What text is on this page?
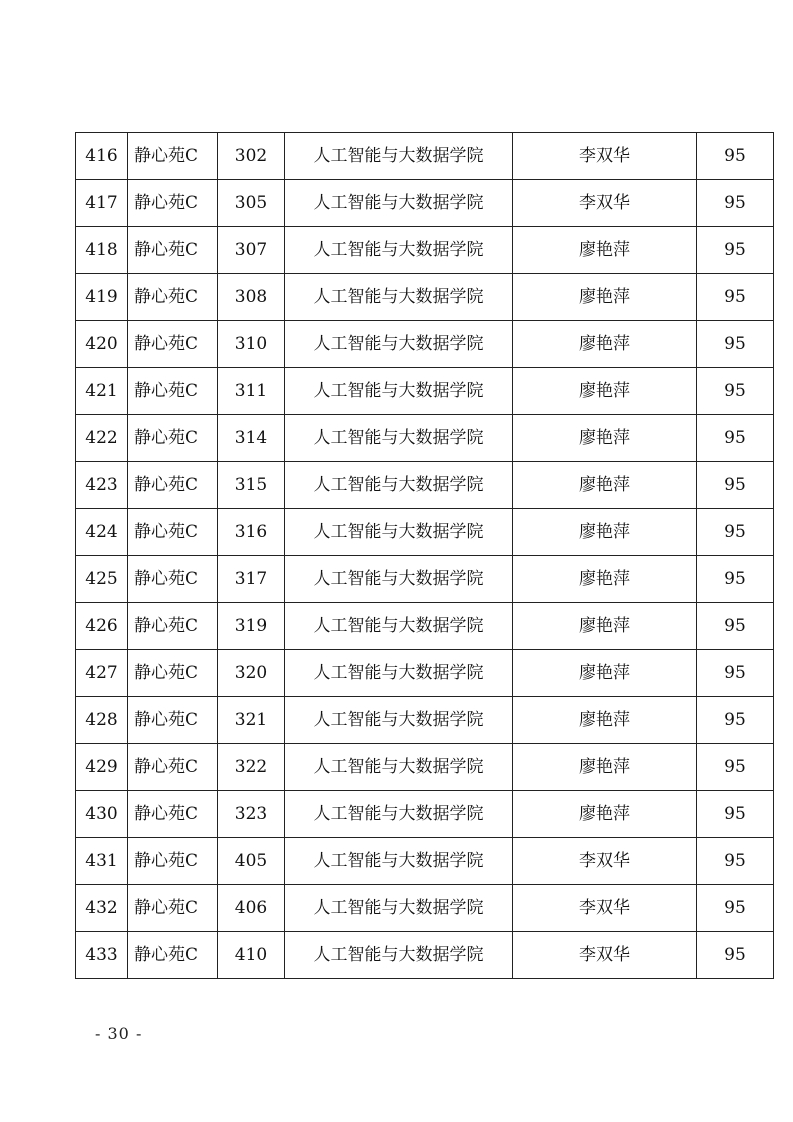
416	静心苑C	302	人工智能与大数据学院	李双华	95
417	静心苑C	305	人工智能与大数据学院	李双华	95
418	静心苑C	307	人工智能与大数据学院	廖艳萍	95
419	静心苑C	308	人工智能与大数据学院	廖艳萍	95
420	静心苑C	310	人工智能与大数据学院	廖艳萍	95
421	静心苑C	311	人工智能与大数据学院	廖艳萍	95
422	静心苑C	314	人工智能与大数据学院	廖艳萍	95
423	静心苑C	315	人工智能与大数据学院	廖艳萍	95
424	静心苑C	316	人工智能与大数据学院	廖艳萍	95
425	静心苑C	317	人工智能与大数据学院	廖艳萍	95
426	静心苑C	319	人工智能与大数据学院	廖艳萍	95
427	静心苑C	320	人工智能与大数据学院	廖艳萍	95
428	静心苑C	321	人工智能与大数据学院	廖艳萍	95
429	静心苑C	322	人工智能与大数据学院	廖艳萍	95
430	静心苑C	323	人工智能与大数据学院	廖艳萍	95
431	静心苑C	405	人工智能与大数据学院	李双华	95
432	静心苑C	406	人工智能与大数据学院	李双华	95
433	静心苑C	410	人工智能与大数据学院	李双华	95
- 30 -
